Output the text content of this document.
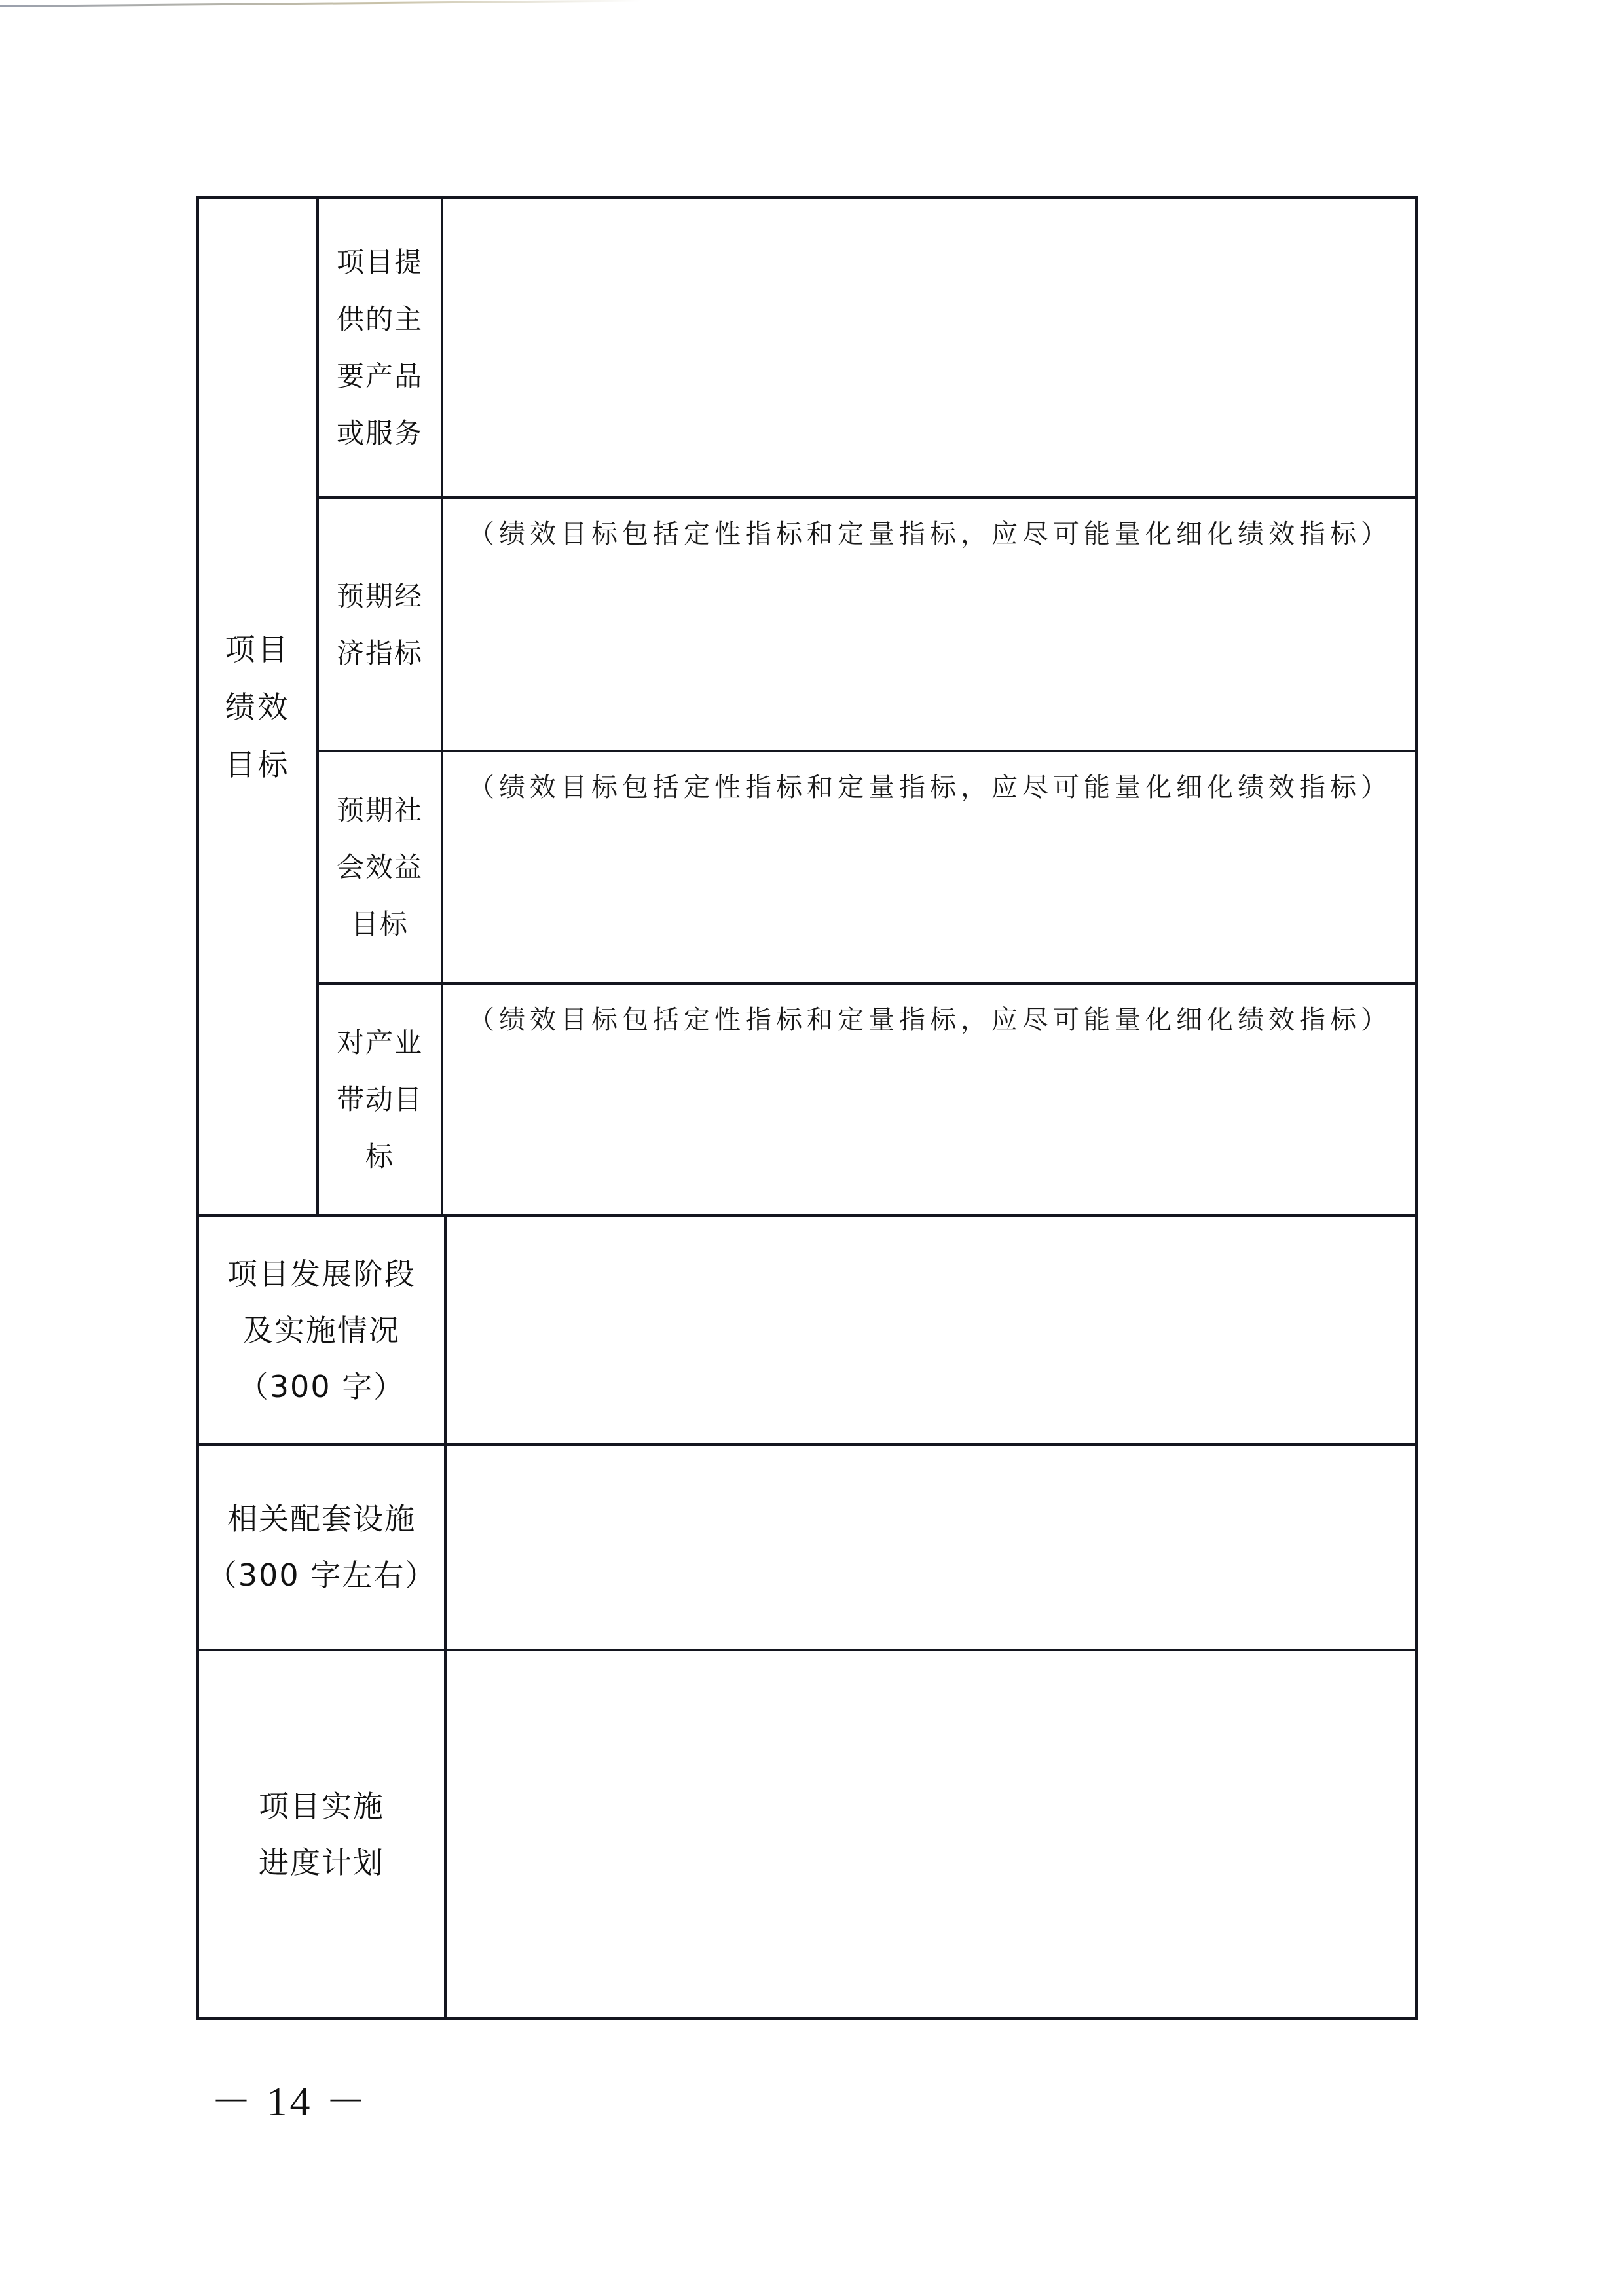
项目
绩效
目标
项目提
供的主
要产品
或服务
预期经
济指标
（绩效目标包括定性指标和定量指标，应尽可能量化细化绩效指标）
预期社
会效益
目标
（绩效目标包括定性指标和定量指标，应尽可能量化细化绩效指标）
对产业
带动目
标
（绩效目标包括定性指标和定量指标，应尽可能量化细化绩效指标）
项目发展阶段
及实施情况
（300 字）
相关配套设施
（300 字左右）
项目实施
进度计划
－ 14 －
